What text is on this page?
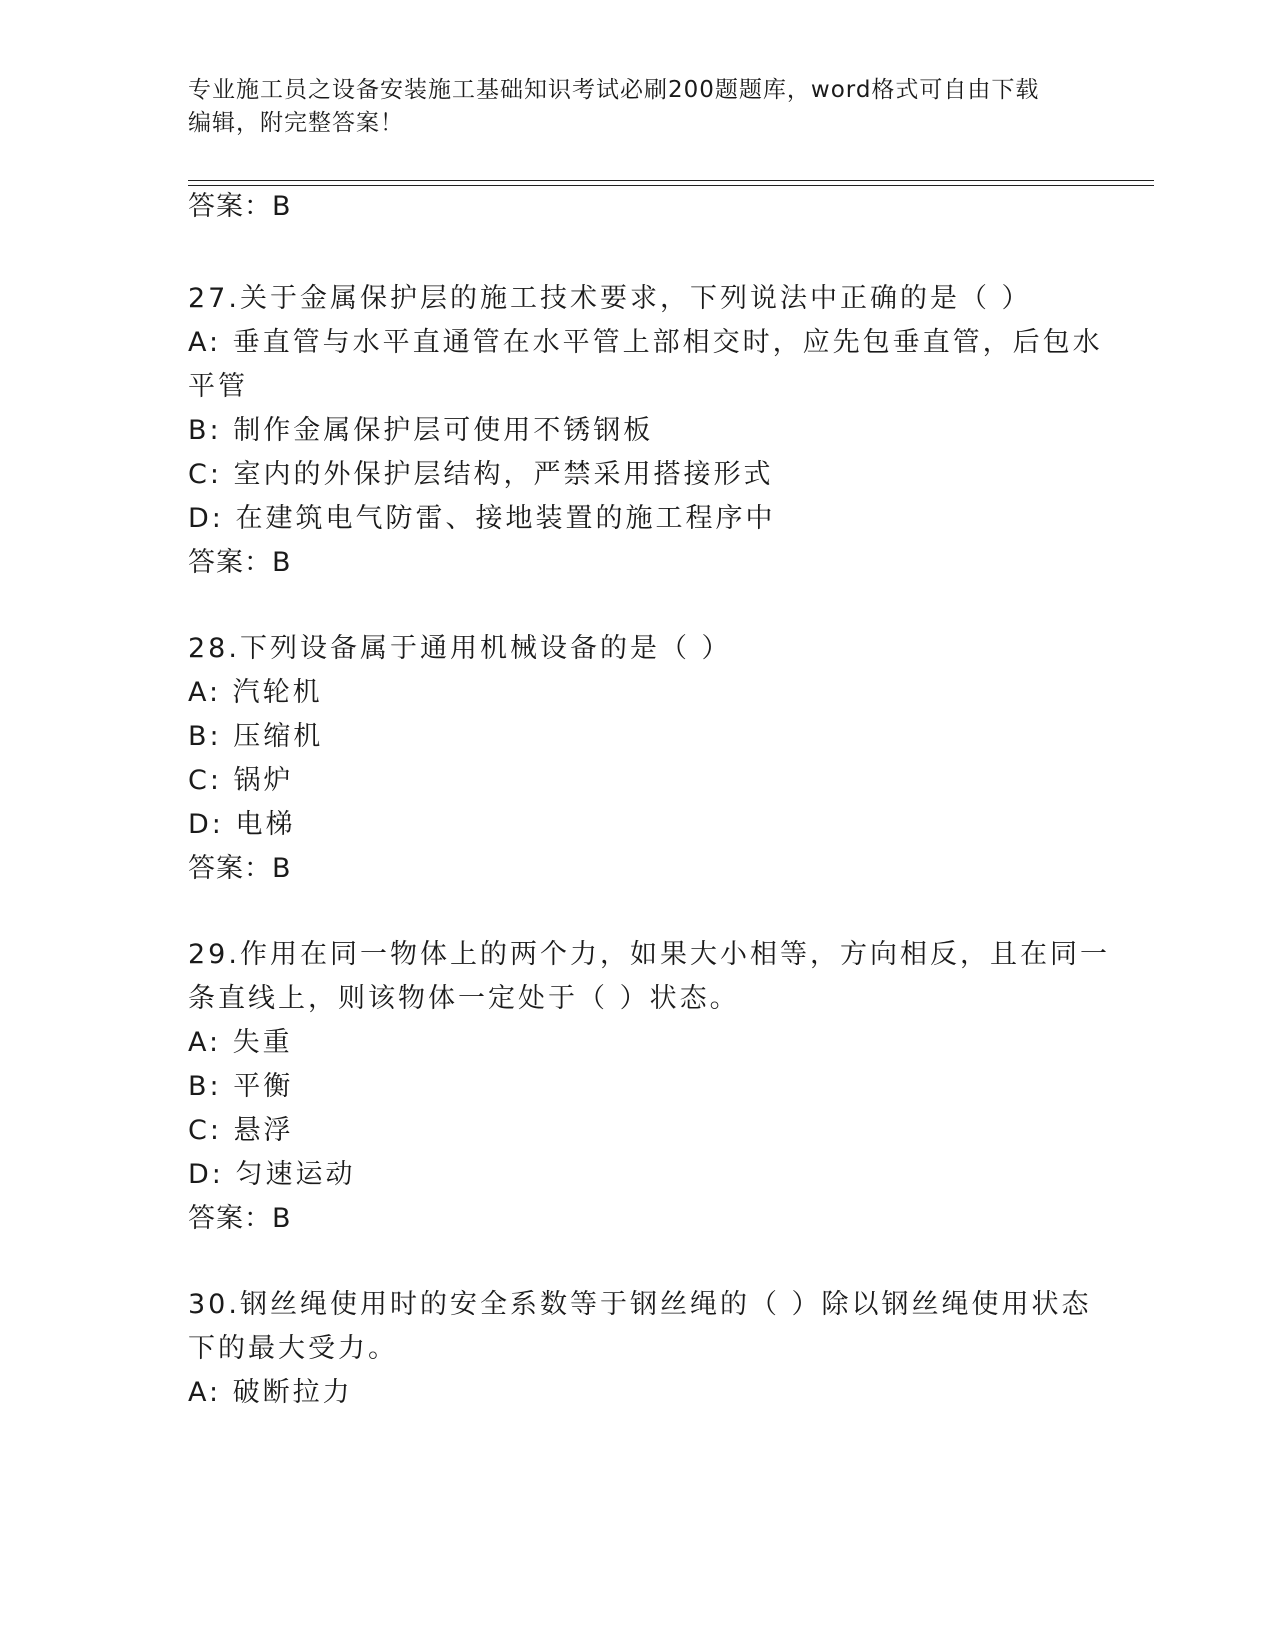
专业施工员之设备安装施工基础知识考试必刷200题题库，word格式可自由下载
编辑，附完整答案！
答案：B
27.关于金属保护层的施工技术要求，下列说法中正确的是（ ）
A: 垂直管与水平直通管在水平管上部相交时，应先包垂直管，后包水
平管
B: 制作金属保护层可使用不锈钢板
C: 室内的外保护层结构，严禁采用搭接形式
D: 在建筑电气防雷、接地装置的施工程序中
答案：B
28.下列设备属于通用机械设备的是（ ）
A: 汽轮机
B: 压缩机
C: 锅炉
D: 电梯
答案：B
29.作用在同一物体上的两个力，如果大小相等，方向相反，且在同一
条直线上，则该物体一定处于（ ）状态。
A: 失重
B: 平衡
C: 悬浮
D: 匀速运动
答案：B
30.钢丝绳使用时的安全系数等于钢丝绳的（ ）除以钢丝绳使用状态
下的最大受力。
A: 破断拉力
